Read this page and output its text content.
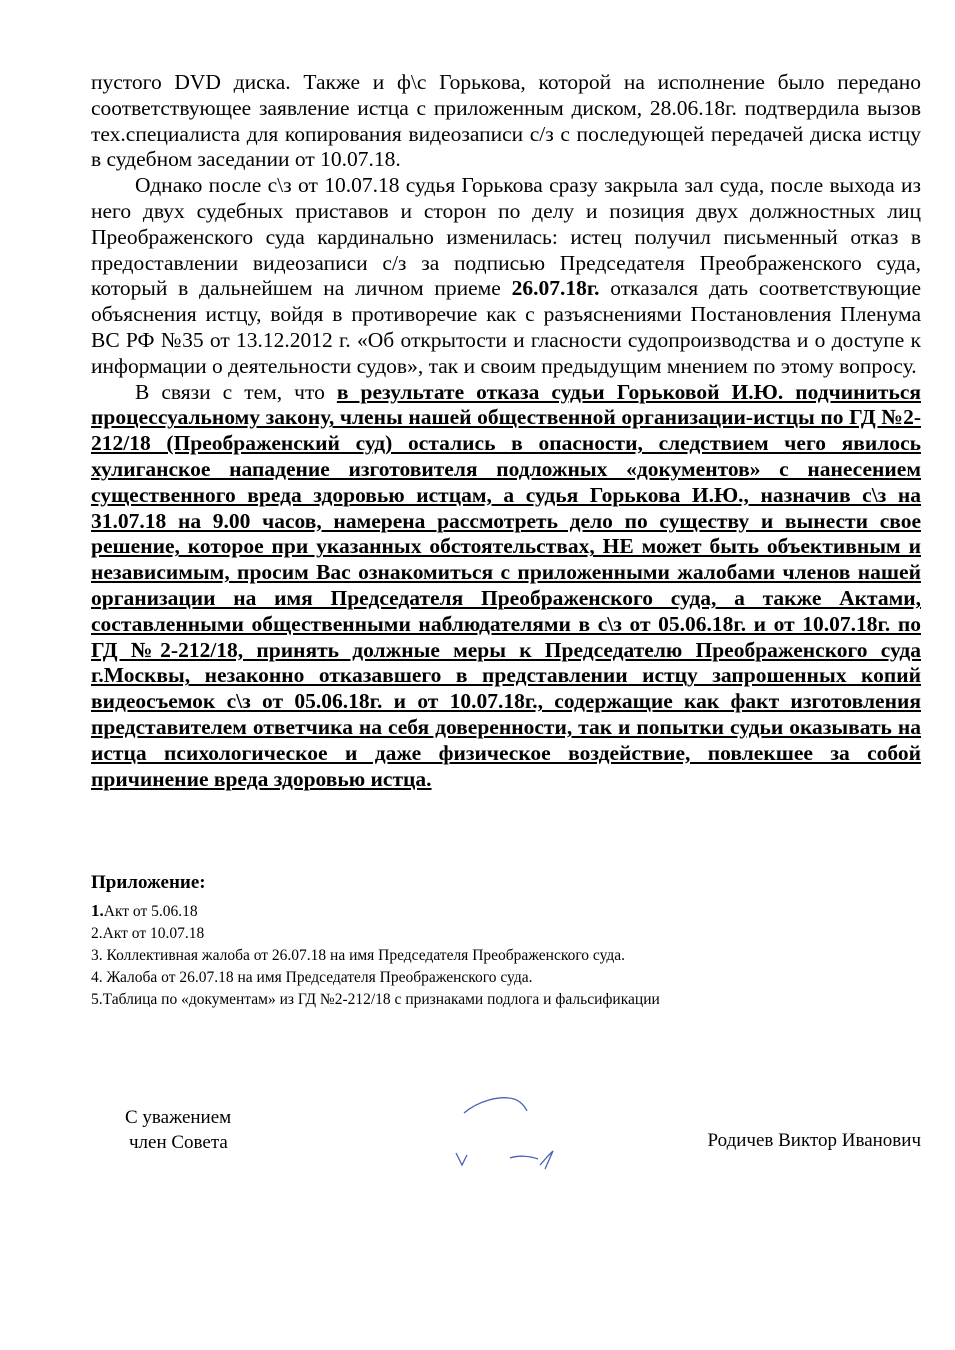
пустого DVD диска. Также и ф\с Горькова, которой на исполнение было передано соответствующее заявление истца с приложенным диском, 28.06.18г. подтвердила вызов тех.специалиста для копирования видеозаписи с/з с последующей передачей диска истцу в судебном заседании от 10.07.18.

Однако после с\з от 10.07.18 судья Горькова сразу закрыла зал суда, после выхода из него двух судебных приставов и сторон по делу и позиция двух должностных лиц Преображенского суда кардинально изменилась: истец получил письменный отказ в предоставлении видеозаписи с/з за подписью Председателя Преображенского суда, который в дальнейшем на личном приеме 26.07.18г. отказался дать соответствующие объяснения истцу, войдя в противоречие как с разъяснениями Постановления Пленума ВС РФ №35 от 13.12.2012 г. «Об открытости и гласности судопроизводства и о доступе к информации о деятельности судов», так и своим предыдущим мнением по этому вопросу.

В связи с тем, что в результате отказа судьи Горьковой И.Ю. подчиниться процессуальному закону, члены нашей общественной организации-истцы по ГД №2-212/18 (Преображенский суд) остались в опасности, следствием чего явилось хулиганское нападение изготовителя подложных «документов» с нанесением существенного вреда здоровью истцам, а судья Горькова И.Ю., назначив с\з на 31.07.18 на 9.00 часов, намерена рассмотреть дело по существу и вынести свое решение, которое при указанных обстоятельствах, НЕ может быть объективным и независимым, просим Вас ознакомиться с приложенными жалобами членов нашей организации на имя Председателя Преображенского суда, а также Актами, составленными общественными наблюдателями в с\з от 05.06.18г. и от 10.07.18г. по ГД №2-212/18, принять должные меры к Председателю Преображенского суда г.Москвы, незаконно отказавшего в представлении истцу запрошенных копий видеосъемок с\з от 05.06.18г. и от 10.07.18г., содержащие как факт изготовления представителем ответчика на себя доверенности, так и попытки судьи оказывать на истца психологическое и даже физическое воздействие, повлекшее за собой причинение вреда здоровью истца.

Приложение:
1.Акт от 5.06.18
2.Акт от 10.07.18
3. Коллективная жалоба от 26.07.18 на имя Председателя Преображенского суда.
4. Жалоба от 26.07.18 на имя Председателя Преображенского суда.
5.Таблица по «документам» из ГД №2-212/18 с признаками подлога и фальсификации
С уважением
член Совета	Родичев Виктор Иванович
